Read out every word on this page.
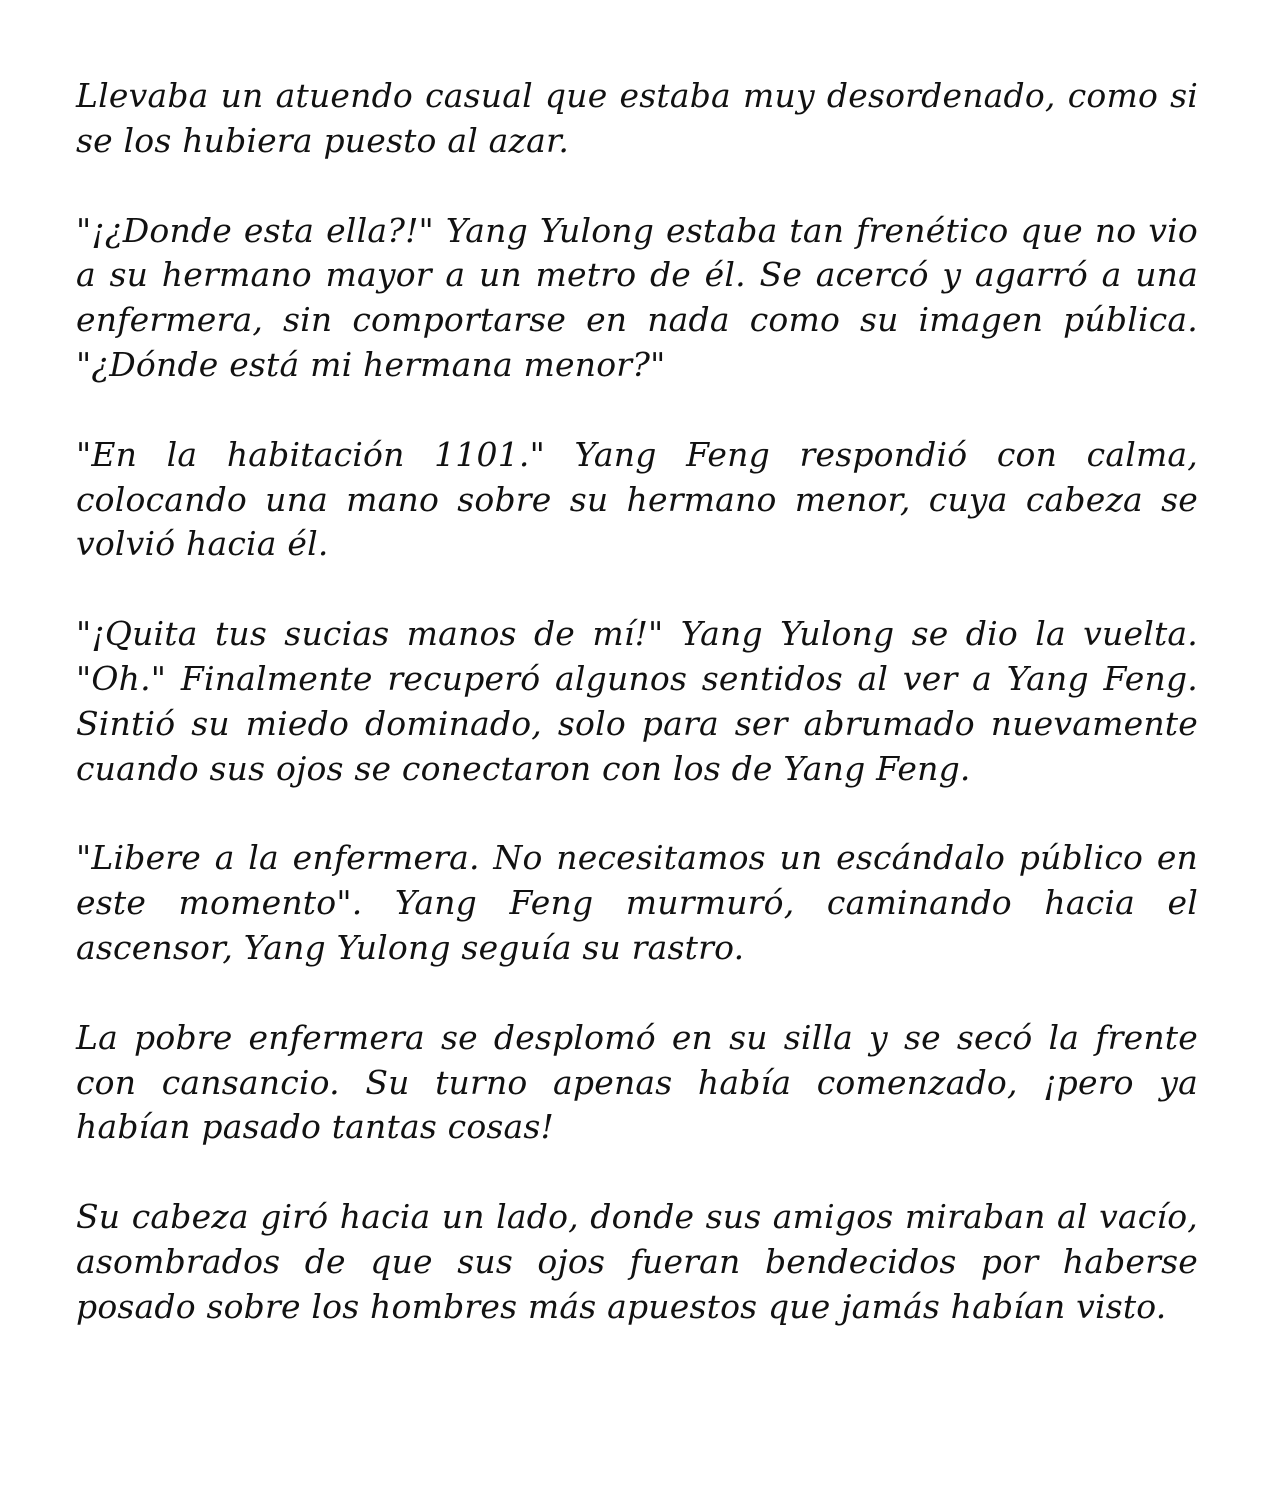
Llevaba un atuendo casual que estaba muy desordenado, como si se los hubiera puesto al azar.

"¡¿Donde esta ella?!" Yang Yulong estaba tan frenético que no vio a su hermano mayor a un metro de él. Se acercó y agarró a una enfermera, sin comportarse en nada como su imagen pública. "¿Dónde está mi hermana menor?"

"En la habitación 1101." Yang Feng respondió con calma, colocando una mano sobre su hermano menor, cuya cabeza se volvió hacia él.

"¡Quita tus sucias manos de mí!" Yang Yulong se dio la vuelta. "Oh." Finalmente recuperó algunos sentidos al ver a Yang Feng. Sintió su miedo dominado, solo para ser abrumado nuevamente cuando sus ojos se conectaron con los de Yang Feng.

"Libere a la enfermera. No necesitamos un escándalo público en este momento". Yang Feng murmuró, caminando hacia el ascensor, Yang Yulong seguía su rastro.

La pobre enfermera se desplomó en su silla y se secó la frente con cansancio. Su turno apenas había comenzado, ¡pero ya habían pasado tantas cosas!

Su cabeza giró hacia un lado, donde sus amigos miraban al vacío, asombrados de que sus ojos fueran bendecidos por haberse posado sobre los hombres más apuestos que jamás habían visto.
